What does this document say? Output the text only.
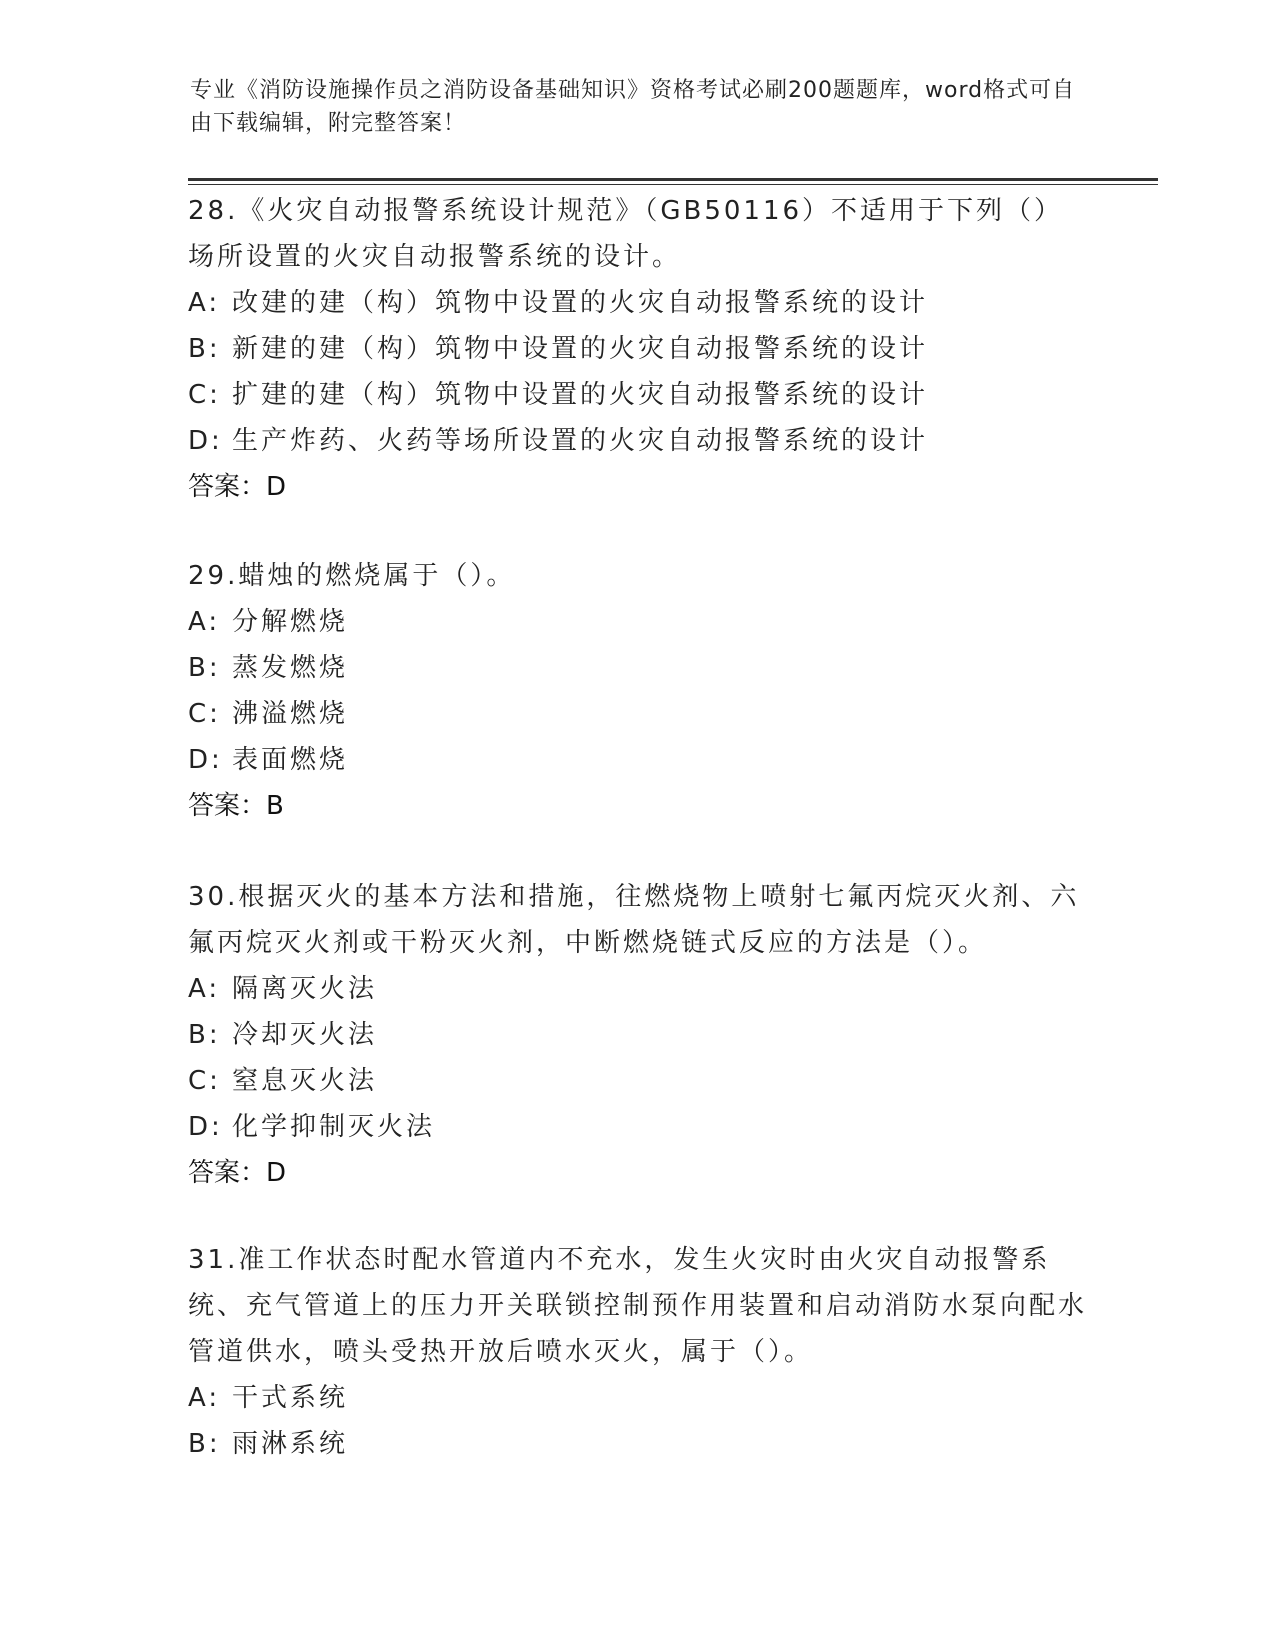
专业《消防设施操作员之消防设备基础知识》资格考试必刷200题题库，word格式可自由下载编辑，附完整答案！

28.《火灾自动报警系统设计规范》（GB50116）不适用于下列（）场所设置的火灾自动报警系统的设计。

A: 改建的建（构）筑物中设置的火灾自动报警系统的设计

B: 新建的建（构）筑物中设置的火灾自动报警系统的设计

C: 扩建的建（构）筑物中设置的火灾自动报警系统的设计

D: 生产炸药、火药等场所设置的火灾自动报警系统的设计

答案：D

29.蜡烛的燃烧属于（）。

A: 分解燃烧

B: 蒸发燃烧

C: 沸溢燃烧

D: 表面燃烧

答案：B

30.根据灭火的基本方法和措施，往燃烧物上喷射七氟丙烷灭火剂、六氟丙烷灭火剂或干粉灭火剂，中断燃烧链式反应的方法是（）。

A: 隔离灭火法

B: 冷却灭火法

C: 窒息灭火法

D: 化学抑制灭火法

答案：D

31.准工作状态时配水管道内不充水，发生火灾时由火灾自动报警系统、充气管道上的压力开关联锁控制预作用装置和启动消防水泵向配水管道供水，喷头受热开放后喷水灭火，属于（）。

A: 干式系统

B: 雨淋系统
